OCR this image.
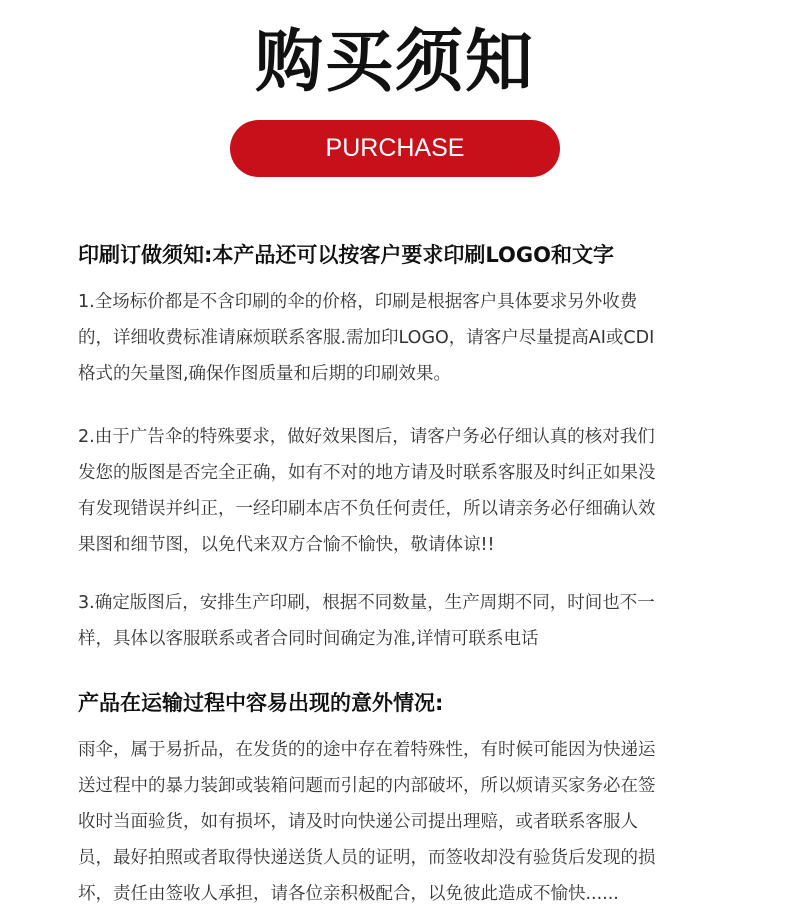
购买须知
PURCHASE INSTRUCTIONS
印刷订做须知:本产品还可以按客户要求印刷LOGO和文字
1.全场标价都是不含印刷的伞的价格，印刷是根据客户具体要求另外收费
的，详细收费标准请麻烦联系客服.需加印LOGO，请客户尽量提高AI或CDI
格式的矢量图,确保作图质量和后期的印刷效果。
2.由于广告伞的特殊要求，做好效果图后，请客户务必仔细认真的核对我们
发您的版图是否完全正确，如有不对的地方请及时联系客服及时纠正如果没
有发现错误并纠正，一经印刷本店不负任何责任，所以请亲务必仔细确认效
果图和细节图，以免代来双方合愉不愉快，敬请体谅!!
3.确定版图后，安排生产印刷，根据不同数量，生产周期不同，时间也不一
样，具体以客服联系或者合同时间确定为准,详情可联系电话
产品在运输过程中容易出现的意外情况:
雨伞，属于易折品，在发货的的途中存在着特殊性，有时候可能因为快递运
送过程中的暴力装卸或装箱问题而引起的内部破坏，所以烦请买家务必在签
收时当面验货，如有损坏，请及时向快递公司提出理赔，或者联系客服人
员，最好拍照或者取得快递送货人员的证明，而签收却没有验货后发现的损
坏，责任由签收人承担，请各位亲积极配合，以免彼此造成不愉快......
